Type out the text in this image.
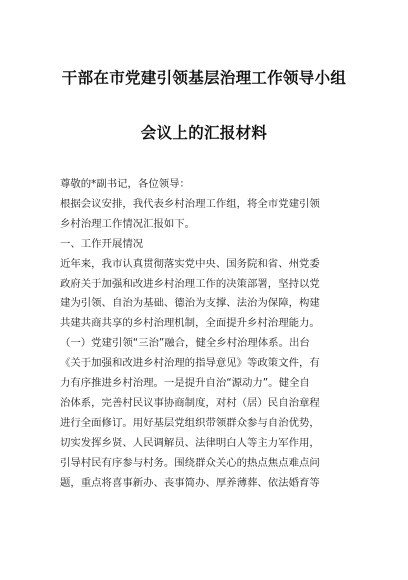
干部在市党建引领基层治理工作领导小组
会议上的汇报材料

尊敬的*副书记，各位领导：

根据会议安排，我代表乡村治理工作组，将全市党建引领

乡村治理工作情况汇报如下。

一、工作开展情况

近年来，我市认真贯彻落实党中央、国务院和省、州党委

政府关于加强和改进乡村治理工作的决策部署，坚持以党

建为引领、自治为基础、德治为支撑、法治为保障，构建

共建共商共享的乡村治理机制，全面提升乡村治理能力。

（一）党建引领“三治”融合，健全乡村治理体系。出台

《关于加强和改进乡村治理的指导意见》等政策文件，有

力有序推进乡村治理。一是提升自治“源动力”。健全自

治体系，完善村民议事协商制度，对村（居）民自治章程

进行全面修订。用好基层党组织带领群众参与自治优势，

切实发挥乡贤、人民调解员、法律明白人等主力军作用，

引导村民有序参与村务。围绕群众关心的热点焦点难点问

题，重点将喜事新办、丧事简办、厚养薄葬、依法婚育等
